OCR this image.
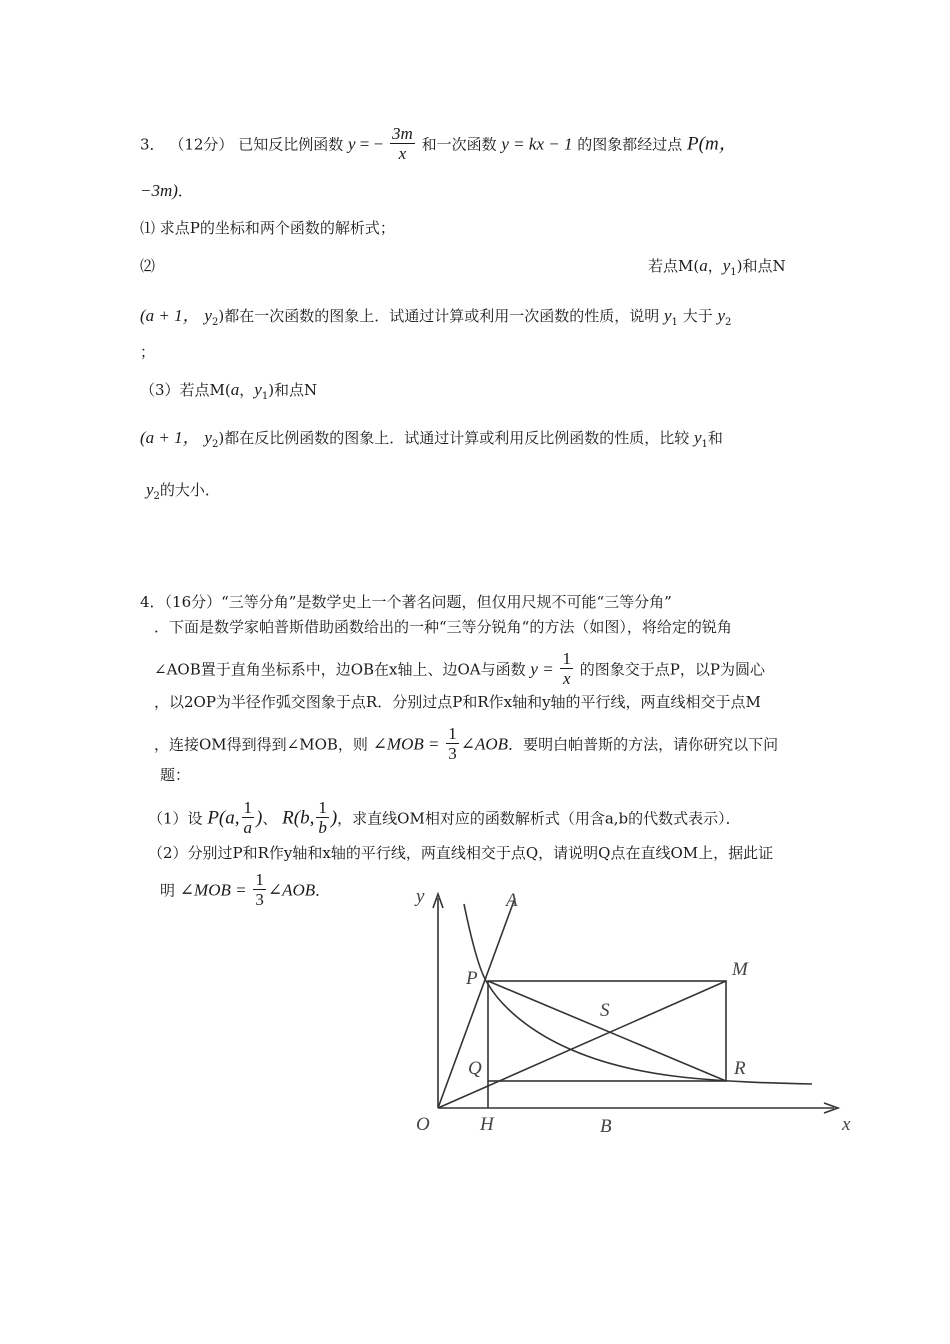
3． （12分） 已知反比例函数 y = − $\frac{3m}{x}$ 和一次函数 y = kx − 1 的图象都经过点 P(m，
−3m)．
⑴ 求点P的坐标和两个函数的解析式；
⑵	若点M(a，$y_1$)和点N
(a + 1， $y_2$)都在一次函数的图象上．试通过计算或利用一次函数的性质，说明 $y_1$ 大于 $y_2$
；
（3）若点M(a，$y_1$)和点N
(a + 1， $y_2$)都在反比例函数的图象上．试通过计算或利用反比例函数的性质，比较 $y_1$和
$y_2$的大小．
4．（16分）“三等分角”是数学史上一个著名问题，但仅用尺规不可能“三等分角”
．下面是数学家帕普斯借助函数给出的一种“三等分锐角“的方法（如图），将给定的锐角
∠AOB置于直角坐标系中，边OB在x轴上、边OA与函数 $y = \frac{1}{x}$ 的图象交于点P，以P为圆心
，以2OP为半径作弧交图象于点R．分别过点P和R作x轴和y轴的平行线，两直线相交于点M
，连接OM得到得到∠MOB，则 ∠MOB = $\frac{1}{3}$ ∠AOB．要明白帕普斯的方法，请你研究以下问
题：
（1）设 P(a, $\frac{1}{a}$ )、 R(b, $\frac{1}{b}$ )，求直线OM相对应的函数解析式（用含a,b的代数式表示）．
（2）分别过P和R作y轴和x轴的平行线，两直线相交于点Q，请说明Q点在直线OM上，据此证
明 ∠MOB = $\frac{1}{3}$ ∠AOB．	y	A
P	M
S
Q	R
O	H	B	x
